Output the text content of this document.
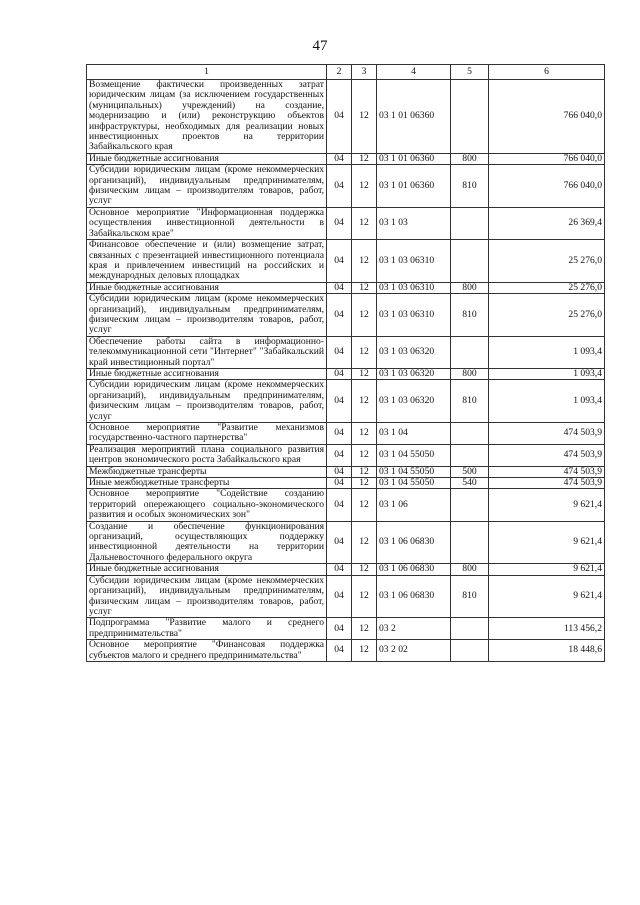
47
1	2	3	4	5	6
Возмещение фактически произведенных затрат юридическим лицам (за исключением государственных (муниципальных) учреждений) на создание, модернизацию и (или) реконструкцию объектов инфраструктуры, необходимых для реализации новых инвестиционных проектов на территории Забайкальского края	04	12	03 1 01 06360		766 040,0
Иные бюджетные ассигнования	04	12	03 1 01 06360	800	766 040,0
Субсидии юридическим лицам (кроме некоммерческих организаций), индивидуальным предпринимателям, физическим лицам – производителям товаров, работ, услуг	04	12	03 1 01 06360	810	766 040,0
Основное мероприятие "Информационная поддержка осуществления инвестиционной деятельности в Забайкальском крае"	04	12	03 1 03		26 369,4
Финансовое обеспечение и (или) возмещение затрат, связанных с презентацией инвестиционного потенциала края и привлечением инвестиций на российских и международных деловых площадках	04	12	03 1 03 06310		25 276,0
Иные бюджетные ассигнования	04	12	03 1 03 06310	800	25 276,0
Субсидии юридическим лицам (кроме некоммерческих организаций), индивидуальным предпринимателям, физическим лицам – производителям товаров, работ, услуг	04	12	03 1 03 06310	810	25 276,0
Обеспечение работы сайта в информационно-телекоммуникационной сети "Интернет" "Забайкальский край инвестиционный портал"	04	12	03 1 03 06320		1 093,4
Иные бюджетные ассигнования	04	12	03 1 03 06320	800	1 093,4
Субсидии юридическим лицам (кроме некоммерческих организаций), индивидуальным предпринимателям, физическим лицам – производителям товаров, работ, услуг	04	12	03 1 03 06320	810	1 093,4
Основное мероприятие "Развитие механизмов государственно-частного партнерства"	04	12	03 1 04		474 503,9
Реализация мероприятий плана социального развития центров экономического роста Забайкальского края	04	12	03 1 04 55050		474 503,9
Межбюджетные трансферты	04	12	03 1 04 55050	500	474 503,9
Иные межбюджетные трансферты	04	12	03 1 04 55050	540	474 503,9
Основное мероприятие "Содействие созданию территорий опережающего социально-экономического развития и особых экономических зон"	04	12	03 1 06		9 621,4
Создание и обеспечение функционирования организаций, осуществляющих поддержку инвестиционной деятельности на территории Дальневосточного федерального округа	04	12	03 1 06 06830		9 621,4
Иные бюджетные ассигнования	04	12	03 1 06 06830	800	9 621,4
Субсидии юридическим лицам (кроме некоммерческих организаций), индивидуальным предпринимателям, физическим лицам – производителям товаров, работ, услуг	04	12	03 1 06 06830	810	9 621,4
Подпрограмма "Развитие малого и среднего предпринимательства"	04	12	03 2		113 456,2
Основное мероприятие "Финансовая поддержка субъектов малого и среднего предпринимательства"	04	12	03 2 02		18 448,6
